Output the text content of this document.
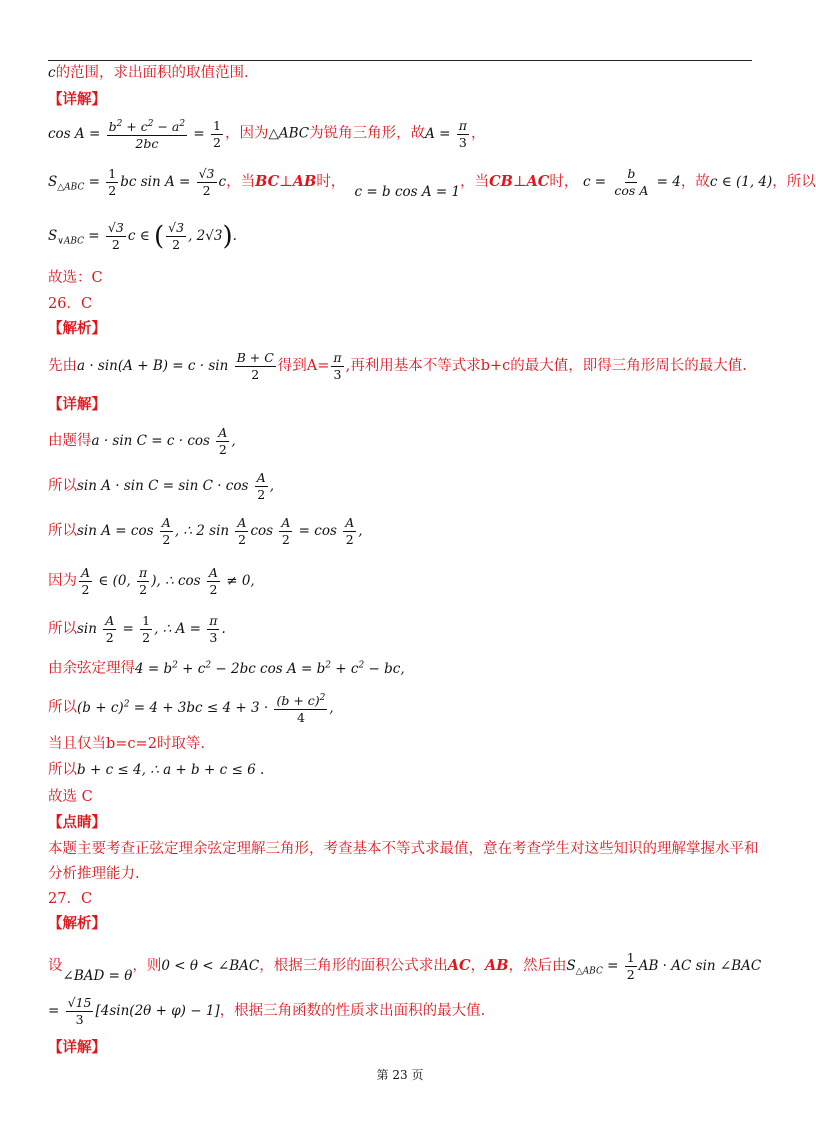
c的范围，求出面积的取值范围.
【详解】
$\cos A = \frac{b^2 + c^2 - a^2}{2bc} = \frac{1}{2}$ ，因为△ABC为锐角三角形，故$A = \frac{\pi}{3}$ ，
$S_{\triangle ABC} = \frac{1}{2}$ bc $\sin A = \frac{√3}{2}$ c，当BC⊥AB时，  c = b cos A = 1，当CB⊥AC时， $c = \frac{b}{\text{cos A}} = 4$，故c ∈ (1, 4)，所以
$S_{\vee ABC} = \frac{√3}{2}$ c ∈ ( $\frac{√3}{2}$ , 2√3).
故选：C
26．C
【解析】
先由$a \cdot \sin(A + B) = c \cdot \sin \frac{B + C}{2}$ 得到$A= \frac{\pi}{3}$ ,再利用基本不等式求b+c的最大值，即得三角形周长的最大值.
【详解】
由题得$a \cdot \sin C = c \cdot \cos \frac{A}{2}$ ,
所以$\sin A \cdot \sin C = \sin C \cdot \cos \frac{A}{2}$ ,
所以$\sin A = \cos \frac{A}{2}$ , ∴ 2 $\sin \frac{A}{2}$ $\cos \frac{A}{2} = \cos \frac{A}{2}$ ,
因为 $\frac{A}{2}$ ∈ (0, $\frac{\pi}{2}$ ), ∴ $\cos \frac{A}{2} \ne 0$,
所以$\sin \frac{A}{2} = \frac{1}{2}$ , ∴ $A = \frac{\pi}{3}$ .
由余弦定理得$4 = b^2 + c^2 - 2bc$ $\cos A = b^2 + c^2$ − bc,
所以$(b + c)^2 = 4 + 3bc \le 4 + 3 \cdot \frac{(b + c)^2}{4}$ ,
当且仅当b=c=2时取等.
所以b + c ≤ 4, ∴ a + b + c ≤ 6 .
故选 C
【点睛】
本题主要考查正弦定理余弦定理解三角形，考查基本不等式求最值，意在考查学生对这些知识的理解掌握水平和
分析推理能力.
27．C
【解析】
设∠BAD = θ，则0 < θ < ∠BAC，根据三角形的面积公式求出AC，AB，然后由$S_{\triangle ABC} = \frac{1}{2}$ AB · AC sin ∠BAC
= $\frac{√15}{3} [4\sin(2\theta + \varphi) - 1]$，根据三角函数的性质求出面积的最大值.
【详解】
第 23 页
